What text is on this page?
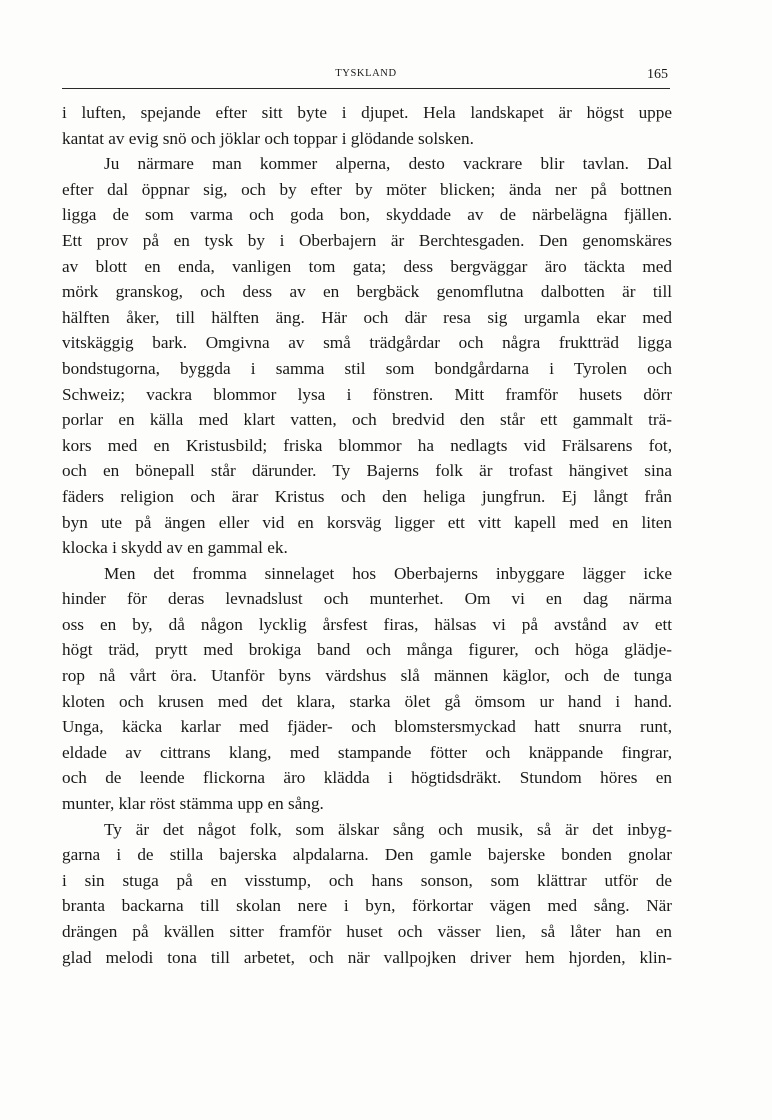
TYSKLAND	165
i luften, spejande efter sitt byte i djupet. Hela landskapet är högst uppe
kantat av evig snö och jöklar och toppar i glödande solsken.
Ju närmare man kommer alperna, desto vackrare blir tavlan. Dal
efter dal öppnar sig, och by efter by möter blicken; ända ner på bottnen
ligga de som varma och goda bon, skyddade av de närbelägna fjällen.
Ett prov på en tysk by i Oberbajern är Berchtesgaden. Den genomskäres
av blott en enda, vanligen tom gata; dess bergväggar äro täckta med
mörk granskog, och dess av en bergbäck genomflutna dalbotten är till
hälften åker, till hälften äng. Här och där resa sig urgamla ekar med
vitskäggig bark. Omgivna av små trädgårdar och några fruktträd ligga
bondstugorna, byggda i samma stil som bondgårdarna i Tyrolen och
Schweiz; vackra blommor lysa i fönstren. Mitt framför husets dörr
porlar en källa med klart vatten, och bredvid den står ett gammalt trä-
kors med en Kristusbild; friska blommor ha nedlagts vid Frälsarens fot,
och en bönepall står därunder. Ty Bajerns folk är trofast hängivet sina
fäders religion och ärar Kristus och den heliga jungfrun. Ej långt från
byn ute på ängen eller vid en korsväg ligger ett vitt kapell med en liten
klocka i skydd av en gammal ek.
Men det fromma sinnelaget hos Oberbajerns inbyggare lägger icke
hinder för deras levnadslust och munterhet. Om vi en dag närma
oss en by, då någon lycklig årsfest firas, hälsas vi på avstånd av ett
högt träd, prytt med brokiga band och många figurer, och höga glädje-
rop nå vårt öra. Utanför byns värdshus slå männen käglor, och de tunga
kloten och krusen med det klara, starka ölet gå ömsom ur hand i hand.
Unga, käcka karlar med fjäder- och blomstersmyckad hatt snurra runt,
eldade av cittrans klang, med stampande fötter och knäppande fingrar,
och de leende flickorna äro klädda i högtidsdräkt. Stundom höres en
munter, klar röst stämma upp en sång.
Ty är det något folk, som älskar sång och musik, så är det inbyg-
garna i de stilla bajerska alpdalarna. Den gamle bajerske bonden gnolar
i sin stuga på en visstump, och hans sonson, som klättrar utför de
branta backarna till skolan nere i byn, förkortar vägen med sång. När
drängen på kvällen sitter framför huset och vässer lien, så låter han en
glad melodi tona till arbetet, och när vallpojken driver hem hjorden, klin-
